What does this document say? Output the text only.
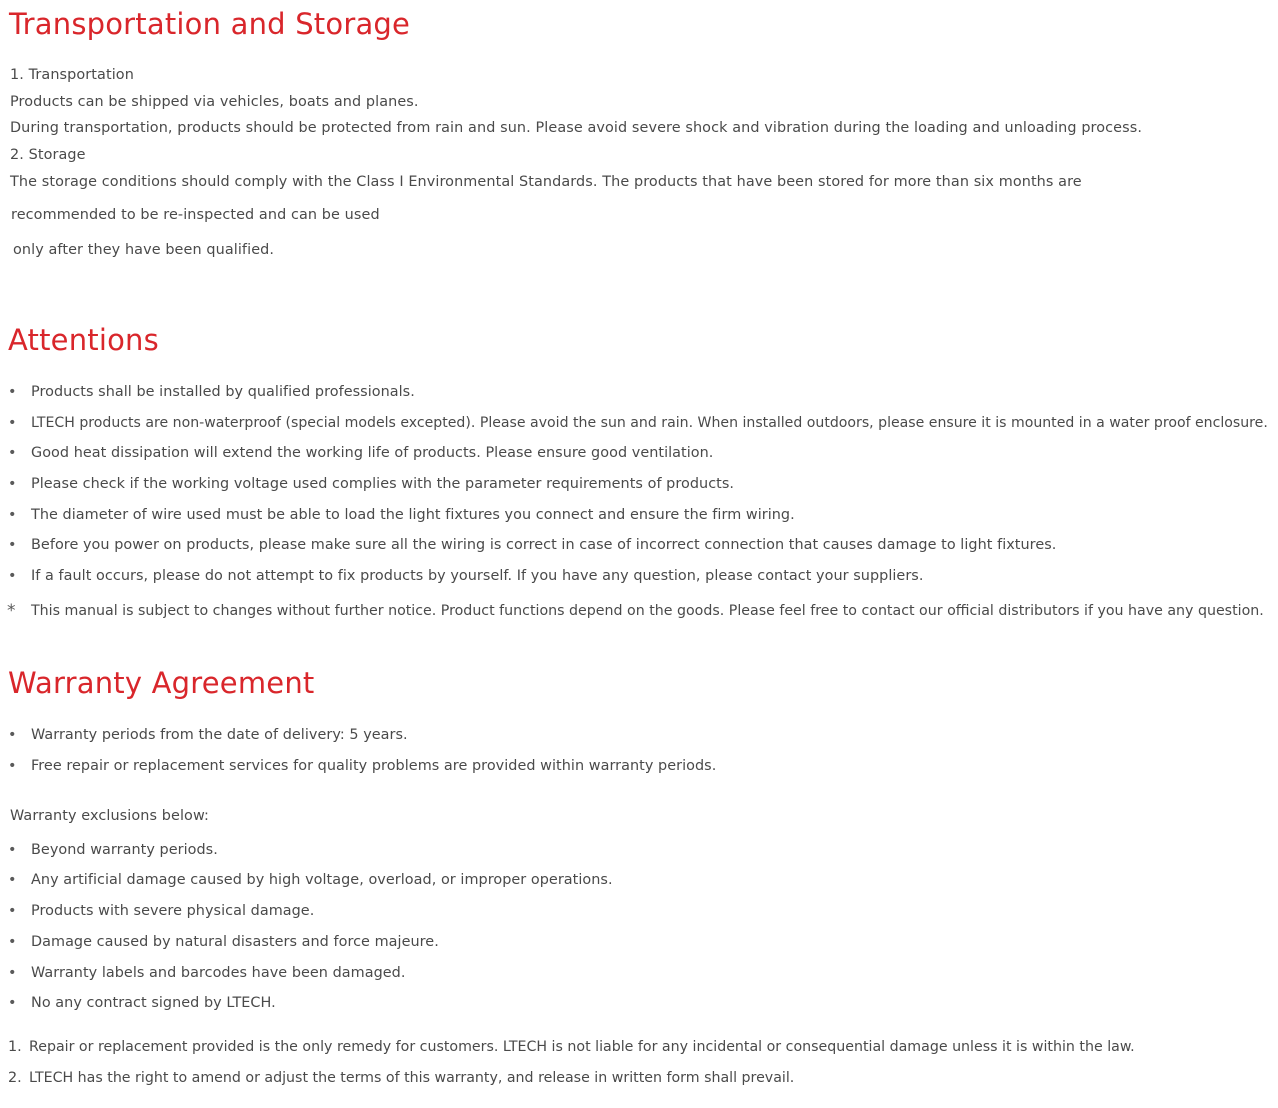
Transportation and Storage
1. Transportation
Products can be shipped via vehicles, boats and planes.
During transportation, products should be protected from rain and sun. Please avoid severe shock and vibration during the loading and unloading process.
2. Storage
The storage conditions should comply with the Class I Environmental Standards. The products that have been stored for more than six months are
recommended to be re-inspected and can be used
only after they have been qualified.
Attentions
• Products shall be installed by qualified professionals.
• LTECH products are non-waterproof (special models excepted). Please avoid the sun and rain. When installed outdoors, please ensure it is mounted in a water proof enclosure.
• Good heat dissipation will extend the working life of products. Please ensure good ventilation.
• Please check if the working voltage used complies with the parameter requirements of products.
• The diameter of wire used must be able to load the light fixtures you connect and ensure the firm wiring.
• Before you power on products, please make sure all the wiring is correct in case of incorrect connection that causes damage to light fixtures.
• If a fault occurs, please do not attempt to fix products by yourself. If you have any question, please contact your suppliers.
* This manual is subject to changes without further notice. Product functions depend on the goods. Please feel free to contact our official distributors if you have any question.
Warranty Agreement
• Warranty periods from the date of delivery: 5 years.
• Free repair or replacement services for quality problems are provided within warranty periods.
Warranty exclusions below:
• Beyond warranty periods.
• Any artificial damage caused by high voltage, overload, or improper operations.
• Products with severe physical damage.
• Damage caused by natural disasters and force majeure.
• Warranty labels and barcodes have been damaged.
• No any contract signed by LTECH.
1. Repair or replacement provided is the only remedy for customers. LTECH is not liable for any incidental or consequential damage unless it is within the law.
2. LTECH has the right to amend or adjust the terms of this warranty, and release in written form shall prevail.
